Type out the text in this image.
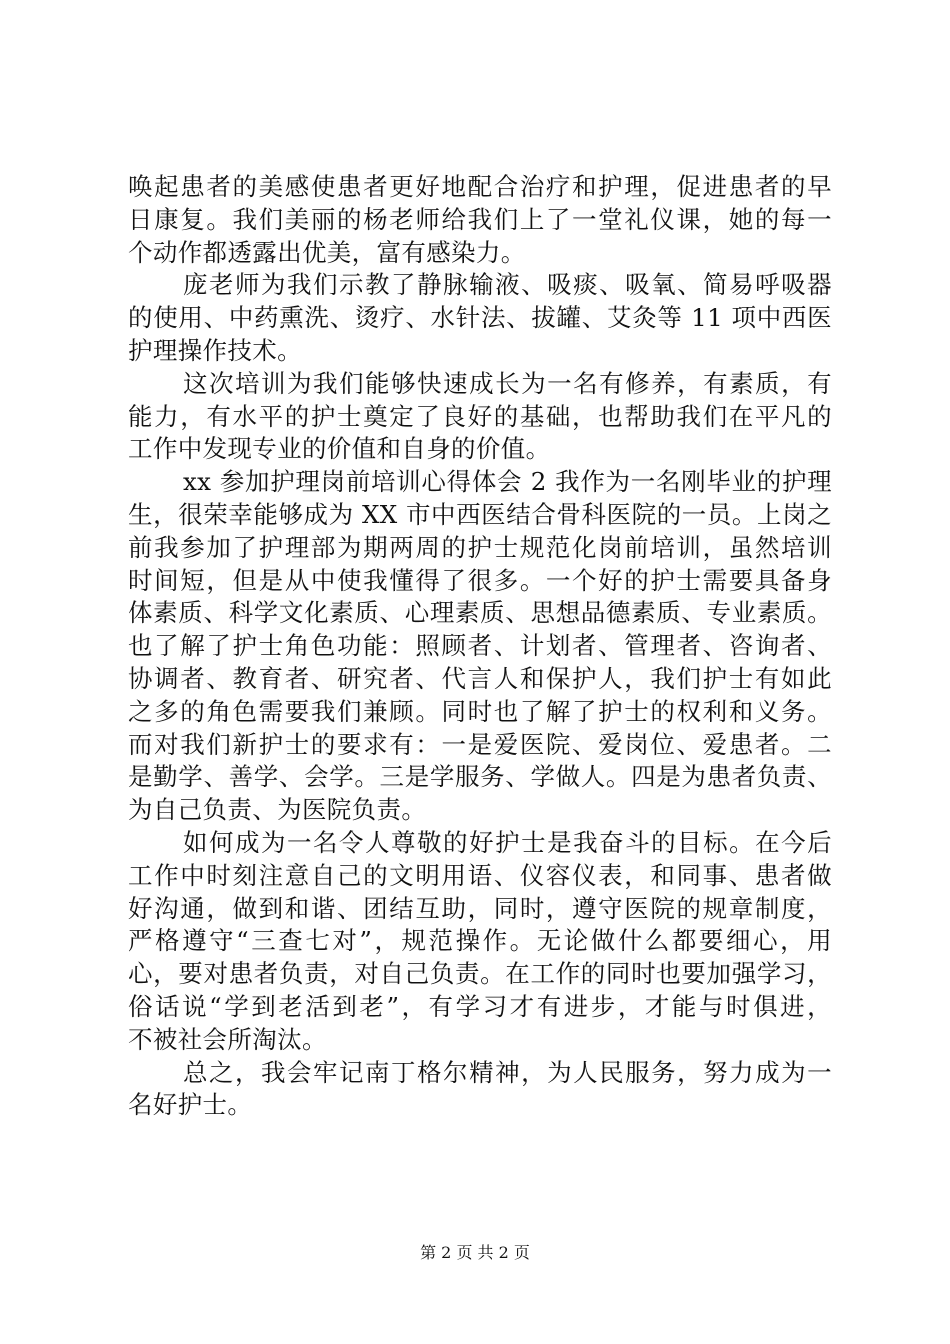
唤起患者的美感使患者更好地配合治疗和护理，促进患者的早
日康复。我们美丽的杨老师给我们上了一堂礼仪课，她的每一
个动作都透露出优美，富有感染力。
庞老师为我们示教了静脉输液、吸痰、吸氧、简易呼吸器
的使用、中药熏洗、烫疗、水针法、拔罐、艾灸等 11 项中西医
护理操作技术。
这次培训为我们能够快速成长为一名有修养，有素质，有
能力，有水平的护士奠定了良好的基础，也帮助我们在平凡的
工作中发现专业的价值和自身的价值。
xx 参加护理岗前培训心得体会 2 我作为一名刚毕业的护理
生，很荣幸能够成为 XX 市中西医结合骨科医院的一员。上岗之
前我参加了护理部为期两周的护士规范化岗前培训，虽然培训
时间短，但是从中使我懂得了很多。一个好的护士需要具备身
体素质、科学文化素质、心理素质、思想品德素质、专业素质。
也了解了护士角色功能：照顾者、计划者、管理者、咨询者、
协调者、教育者、研究者、代言人和保护人，我们护士有如此
之多的角色需要我们兼顾。同时也了解了护士的权利和义务。
而对我们新护士的要求有：一是爱医院、爱岗位、爱患者。二
是勤学、善学、会学。三是学服务、学做人。四是为患者负责、
为自己负责、为医院负责。
如何成为一名令人尊敬的好护士是我奋斗的目标。在今后
工作中时刻注意自己的文明用语、仪容仪表，和同事、患者做
好沟通，做到和谐、团结互助，同时，遵守医院的规章制度，
严格遵守“三查七对”，规范操作。无论做什么都要细心，用
心，要对患者负责，对自己负责。在工作的同时也要加强学习，
俗话说“学到老活到老”，有学习才有进步，才能与时俱进，
不被社会所淘汰。
总之，我会牢记南丁格尔精神，为人民服务，努力成为一
名好护士。
第 2 页 共 2 页
